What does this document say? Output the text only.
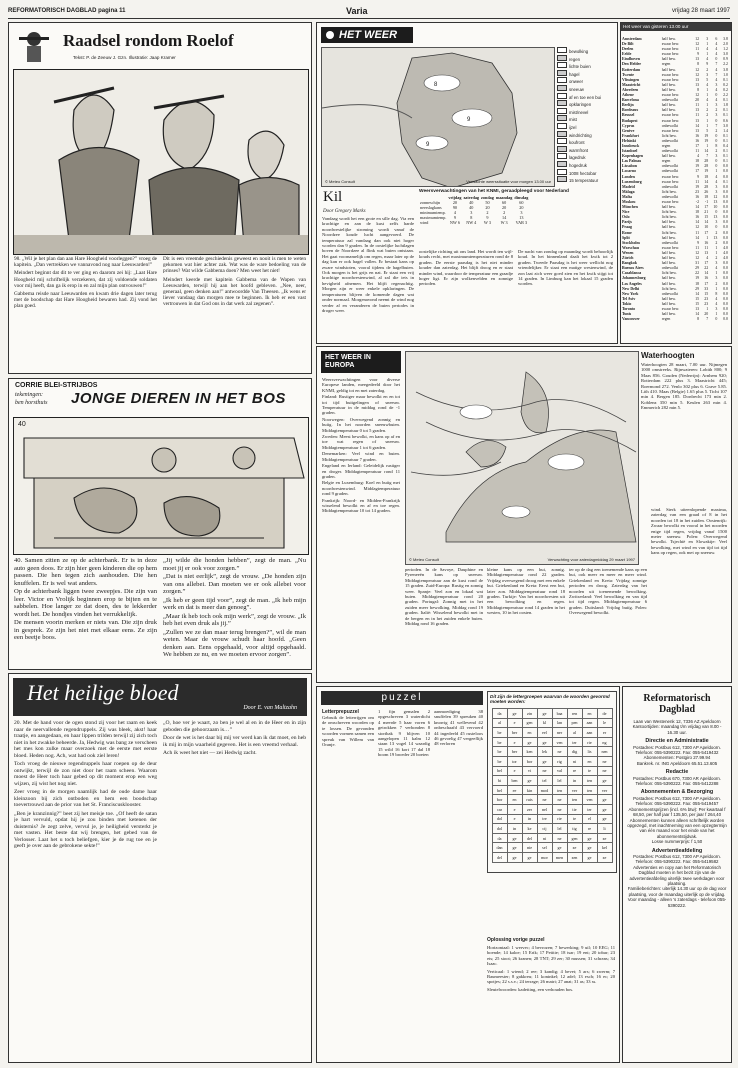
REFORMATORISCH DAGBLAD pagina 11	Varia	vrijdag 28 maart 1997
Raadsel rondom Roelof
Tekst: P. de Zeeuw J. Gzn. Illustratie: Jaap Kramer

98. „Wil je het plan dan aan Hare Hoogheid voorleggen?” vroeg de kapitein. „Dan vertrekken we vannavond nog naar Leeuwarden!”

Meindert beginnt dat dit te ver ging en daarom zei hij: „Laat Hare Hoogheid mij schriftelijk verzekeren, dat zij voldoende soldaten voor mij heeft, dan ga ik erop in en zal mijn plan ontvouwen!”

Gabbema reisde naar Leeuwarden en kwam drie dagen later terug met de boodschap dat Hare Hoogheid bewaren had. Zij vond het plan goed.

Dit is een vreemde geschiedenis geweest en nooit is men te weten gekomen wat hier achter zak. Wat was de ware bedoeling van de prinses? Wat wilde Gabbema doen? Men weet het niet!

Meindert keerde met kapitein Gabbema van de Wapen van Leeuwarden, terwijl hij aan het hoofd gebleven. „Nee, neer, generaal, geen denken aan!” antwoordde Van Theesen. „Ik wens er liever vandaag dan morgen mee te beginnen. Ik heb er een vast vertrouwen in dat God ons in dat werk zal zegenen”.

CORRIE BLEI-STRIJBOS
tekeningen:
ben horsthuis JONGE DIEREN IN HET BOS
40

40. Samen zitten ze op de achterbank. Er is in deze auto geen doos. Er zijn hier geen kinderen die op hem passen. Die hen tegen zich aanhouden. Die hen knuffelen. Er is wel wat anders.

Op de achterbank liggen twee zweepjes. Die zijn van leer. Victor en Vrolijk beginnen erop te bijten en te sabbelen. Hoe langer ze dat doen, des te lekkerder wordt het. De hondjes vinden het verrukkelijk.

De mensen voorin merken er niets van. Die zijn druk in gesprek. Ze zijn het niet met elkaar eens. Ze zijn een beetje boos.

„Jij wilde die honden hebben”, zegt de man. „Nu moet jij er ook voor zorgen.”

„Dat is niet eerlijk”, zegt de vrouw. „De honden zijn van ons allebei. Dan moeten we er ook allebei voor zorgen.”

„Ik heb er geen tijd voor”, zegt de man. „Ik heb mijn werk en dat is meer dan genoeg”.

„Maar ik heb toch ook mijn werk”, zegt de vrouw. „Ik heb het even druk als jij.”

„Zullen we ze dan maar terug brengen?”, wil de man weten. Maar de vrouw schudt haar hoofd. „Geen denken aan. Eens opgehaald, voor altijd opgehaald. We hebben ze nu, en we moeten ervoor zorgen”.

Het heilige bloed
Door E. van Maltzahn

20. Met de hand voor de ogen stond zij voor het raam en keek naar de neervallende regendruppels. Zij was bleek, akst! haar traatje, en aangedaan, en haar lippen trilden terwijl zij zich toch niet in het zwakke beheerde. Ja, Hedwig was bang ze verscheen het mes kon zulke maar overzoek met de eerste met eerste bloed. Heden nog. Ach, wat had ook ziel leren!

Toch vroeg de nieuwe regendruppels haar roepen op de deur ontwijkt, terwijl de zon niet door het raam scheen. Waarom moest de Heer toch haar gebed op dit moment erop een weg wijzen, zij wist het nog niet.

Zeer vroeg in de morgen naamlijk had de oude dame haar kleinzoon bij zich ontboden en hem een boodschap toevertrouwd aan de prior van het St. Franciscusklooster.

„Ben je kranzinnig?” beet zij het meisje toe. „Of heeft de satan je hart vervuld, opdat hij je zou binden met ketenen der duisternis? Je zegt zelve, vervul je, je heiligheid versterkt je met vasten. Het beste dat wij brengen, het gebed van de Verlosser. Laat het u toch beliefgen, kier je de rug toe en je geeft je over aan de gebrokene sekte!”

„O, hoe ver je waart, zo ben je wel al en in de Heer en in zijn geboden die gehoorzaam is…”

Door de wet is het daar bij mij ver werd kan ik dat moet, en heb ik mij in mijn waarheid gegeven. Het is een vreemd verhaal.

Ach ik weet het niet — zei Hedwig zacht.

HET WEER
8
9
9
© Meteo Consult	Verwachte weerssituatie voor morgen 13.00 uur
bewolking
regen
lichte buien
hagel
onweer
sneeuw
af en toe een bui
opklaringen
mist/nevel
mist
ijzel
windrichting
koufront
warmfront
lagedruk
hogedruk
1008 hectobar
15 temperatuur
Kil
Door Gregory Marks
Vandaag wordt het een grote en sille dag. Via een krachtige en aan de kust zelfs harde noordwestelijke stroming wordt vanaf de Noordzee koude lucht aangevoerd. De temperatuur zal vandaag dan ook niet hoger worden dan 9 graden. In de oostelijke luchtlagen boven de Noordzee al flink wat buien ontstaan. Het gaat voornamelijk om regen, maar later op de dag kan er ook hagel vallen. Er bestaat kans op zware windstoten, vooral tijdens de hagelbuien. Ook morgen is het grijs en nat. Er staat een vrij krachtige noordwestenwind, al zal die iets in hevigheid afnemen. Het blijft regenachtig. Morgen zijn er weer enkele opklaringen. De temperaturen blijven de komende dagen wat onder normaal. Morgenavond neemt de wind nog verder af en veranderen de buien periodes in droger weer.
Weersverwachtingen van het KNMI, geraadpleegd voor Nederland
	vrijdag	zaterdag	zondag	maandag	dinsdag
zonneschijn	20	40	50	60	60
neerslagkans	90	40	20	20	20
minimumtemp.	4	3	2	2	3
maximumtemp.	9	8	9	14	13
wind	NW 6	NW 4	W 3	W 3	VAR 3
oostelijke richting uit ons land. Het wordt ten wijl-kouds recht, met maximumtemperaturen rond de 8 graden. De eerste paasdag is het niet minder kouder dan zaterdag. Het blijft droog en er staat minder wind, waardoor de temperatuur een graadje hoger ligt. Er zijn wolkenvelden en zonnige perioden.
De nacht van zondag op maandag wordt behoorlijk koud. In het binnenland daalt het kwik tot 2 graden. Tweede Paasdag is het weer wellicht nog vriendelijker. Er staat een matige westenwind, de zon laat zich weer goed zien en het kwik stijgt tot 14 graden. In Limburg kan het lokaal 15 graden worden.
Het weer van gisteren 13.00 uur
Amsterdam	half bew.	12	3	6	3.8
De Bilt	zwaar bew.	12	1	4	2.0
Deelen	zwaar bew.	11	4	4	1.2
Eelde	zwaar bew.	9	1	4	3.0
Eindhoven	half bew.	13	4	0	0.9
Den Helder	regen	8	9	7	2.2
Rotterdam	half bew.	12	2	4	3.8
Twente	zwaar bew.	12	3	7	1.0
Vlissingen	zwaar bew.	13	5	4	0.1
Maastricht	half bew.	13	4	3	0.2
Aberdeen	half bew.	8	1	4	0.2
Athene	zwaar bew.	12	1	0	2.2
Barcelona	onbewolkt	20	4	4	0.1
Berlijn	half bew.	11	1	3	1.8
Bordeaux	half bew.	13	2	2	0.1
Brussel	zwaar bew.	11	2	3	0.1
Budapest	zwaar bew.	13	1	0	0.6
Cyprus	onbewolkt	14	1	7	3.0
Genève	zwaar bew.	13	5	2	1.4
Frankfurt	licht bew.	16	19	0	0.1
Helsinki	onbewolkt	16	19	0	0.1
Innsbruck	regen	17	1	8	0.4
Istanboel	onbewolkt	11	14	2	0.1
Kopenhagen	half bew.	4	7	3	0.1
Las Palmas	regen	18	28	0	0.1
Lissabon	onbewolkt	19	28	0	0.0
Locarno	onbewolkt	17	19	1	0.0
Londen	zwaar bew.	9	18	4	0.0
Luxemburg	zwaar bew.	11	14	4	0.1
Madrid	onbewolkt	19	28	3	0.0
Málaga	licht bew.	23	26	3	0.0
Malta	onbewolkt	16	18	12	0.0
Moskou	zwaar bew.	-2	-1	13	0.0
München	half bew.	14	17	10	0.0
Nice	licht bew.	18	21	0	0.0
Oslo	licht bew.	16	15	13	0.0
Parijs	half bew.	14	14	3	0.0
Praag	half bew.	12	10	0	0.0
Rome	licht bew.	11	17	2	0.0
Split	half bew.	14	1	13	0.0
Stockholm	onbewolkt	9	16	2	0.0
Warschau	zwaar bew.	11	11	1	4.0
Wenen	half bew.	12	13	1	4.0
Zürich	half bew.	12	4	2	4.0
Bangkok	half bew.	31	17	3	0.0
Buenos Aires	onbewolkt	29	22	4	0.0
Casablanca	licht bew.	22	14	1	0.0
Johannesburg	half bew.	19	16	3	0.0
Los Angeles	half bew.	18	17	2	0.0
New Delhi	licht bew.	29	33	1	0.0
New York	onbewolkt	14	15	8	0.0
Tel Aviv	half bew.	15	23	4	0.0
Tokio	half bew.	15	23	4	0.0
Toronto	zwaar bew.	13	1	3	0.0
Tunis	half bew.	14	20	1	0.0
Vancouver	regen	8	7	0	0.0
HET WEER IN EUROPA

Weersverwachtingen voor diverse Europese landen, meegedeeld door het KNMI, geldig tot en met zaterdag.

Finland: Rustiger maar bewolkt en en tot tot tijd buitgelingen of sneeuw. Temperatuur in de middag rond de -1 graden.

Noorwegen: Overwegend zonnig en buiig. In het noorden sneeuwbuien. Middagtemperatuur 0 tot 5 graden.

Zweden: Meest bewolkt, en kans op af en toe wat regen of sneeuw. Middagtemperatuur 1 tot 6 graden.

Denemarken: Veel wind en buien. Middagtemperatuur 7 graden.

Engeland en Ierland: Geleidelijk rustiger en droger. Middagtemperatuur rond 11 graden.

Belgie en Luxemburg: Koel en buiig met noordwestenwind. Middagtemperatuur rond 9 graden.

Frankrijk: Noord- en Midden-Frankrijk wisselend bewolkt en af en toe regen. Middagtemperatuur 10 tot 14 graden.

© Meteo Consult	Verwachting voor zaterdagmiddag 29 maart 1997
Waterhoogten
Waterhoogten 28 maart, 7.00 uur. Nijmegen 1000 omstreeks. Rijnwateren: Lobith 800; 9 Maas 856. Gouden (Nederrijn): Arnhem 920; Rotterdam 222 plus 3. Maastricht 445; Roermond 272. Venlo 302 plus 6. Grave 5.85. Lith 410. Maas (Belgie) 1.65 plus 5. Ticht 107 min 4. Bergen 185. Dordrecht 173 min 2. Koblenz 350 min 5. Keulen 263 min 4. Emmerich 282 min 5.
perioden. In de Savoye, Dauphine en Pyreneeën kans op sneeuw. Middagtemperatuur aan de kust rond de 15 graden. Zuid-Europa: Rustig en zonnig weer. Spanje: Veel zon en lokaal wat buien. Middagtemperatuur rond 20 graden. Portugal: Zonnig met in het zuiden meer bewolking. Middag rond 19 graden. Italië: Wisselend bewolkt met in de bergen en in het zuiden enkele buien. Middag rond 16 graden.
kleine kans op een bui, zonnig. Middagtemperatuur rond 22 graden. Vrijdag overwegend droog met een enkele bui. Griekenland en Kreta: Eerst een bui, later zon. Middagtemperatuur rond 18 graden. Turkije: Van het noordwesten uit een bewolking en regen. Middagtemperatuur rond 14 graden in het westen, 10 in het oosten.
ter op de dag een toenemende kans op een bui, ook meer en meer en meer wind. Griekenland en Kreta: Vrijdag zonnige perioden en droog. Zaterdag van het noorden uit toenemende bewolking. Zwitserland: Veel bewolking en van tijd tot tijd regen. Middagtemperatuur 6 graden. Duitsland: Vrijdag buiïg. Polen: Overwegend bewolkt.
wind. Sterk uiteenlopende maxima, zaterdag van een graad of 8 in het noorden tot 18 in het zuiden. Oostenrijk: Zwaar bewolkt en vooral in het noorden enige tijd regen, vrijdag vanaf 1500 meter sneeuw. Polen: Overwegend bewolkt. Tsjechië en Slowakije: Veel bewolking, met wind en van tijd tot tijd kans op regen, ook met op sneeuw.
puzzel
Letterprepuzzel
Gebruik de letterrijgen om de omschreven woorden op te lossen. De gevonden woorden vormen samen een spreuk van Willem van Oranje.
1 fijn gemalen 2 opgeschreven 3 waterdicht 4 meerde 5 haar voren 6 getrokken 7 verbonden 8 stortbak 9 blijven 10 aangelopen 11 kalm 12 staan 13 vogel 14 waardig 15 wild 16 kort 17 dal 18 boom 19 broeder 20 boeien
aanmoediging 38 snuffelen 39 spreuken 40 knorrig 41 wellevend 42 onbeschaafd 43 vervoerd 44 ingedeeld 45 rusteloos 46 gevoelig 47 vergeeflijk 48 verloren
Dit zijn de lettergroepen waarvan de woorden gevormd moeten worden:
da	ge	zin	ge	baa	ren	en	de
al	e	gen	kl	lan	pen	aan	le
be	ber	en	eel	ner	al	aan	er
be	e	ge	ge	ven	ter	rie	ng
be	ber	ken	lek	ne	dig	lis	nen
be	tor	bor	ge	rig	ni	en	ne
bel	e	vi	ne	val	re	te	ne
bi	ben	ge	tel	lel	in	ten	ge
bel	ee	kin	mod	ten	ver	ten	ver
bor	en	ruis	ne	ne	ten	ven	ge
car	e	zer	nel	ne	tie	ter	ge
dol	e	in	tre	rie	te	el	ge
dol	in	ke	cij	lel	tig	re	li
da	ge	del	ni	ne	gen	ge	ze
dan	ge	nie	sel	ge	ze	ge	kel
del	ge	ge	mor	men	zen	ge	ze
Oplossing vorige puzzel

Horizontaal: 1 wervec; 4 bevrozen; 7 bewerking; 9 uil; 10 EEG; 11 boende; 14 kaloe; 15 Erik; 17 Petitie; 18 tsar; 19 ent; 20 tobar; 23 ets; 25 stoot; 26 kranen; 28 TNT; 29 zer; 30 mussen; 31 schrans; 34 Isaac.

Verticaal: 1 wiend; 2 ree; 3 kandig; 4 bevet; 5 ars; 6 zwerm; 7 Baumeester; 8 gakkreu; 11 koninkel; 12 adel; 13 esch; 16 ec; 20 spotjes; 22 s.s.v.; 24 terrage; 26 matri; 27 anat; 31 as; 33 ss.

Sleutelwoorden: kadetting, een verhouden bos.

Reformatorisch Dagblad
Laan van Westenenk 12, 7336 AZ Apeldoorn
Kantoortijden: maandag t/m vrijdag van 8.00 - 16.30 uur.
Directie en Administratie
Postadres: Postbus 612, 7300 AP Apeldoorn. Telefoon: 055-5390222. Fax: 055-5419432
Abonnementen: Postgiro 27.99.94
Bankrek. nr. ING Apeldoorn 65.51.13.605
Redactie
Postadres: Postbus 670, 7300 AR Apeldoorn. Telefoon: 055-5390222. Fax: 055-5412288
Abonnementen & Bezorging
Postadres: Postbus 612, 7300 AP Apeldoorn. Telefoon: 055-5390222. Fax: 055-5419457
Abonnementsprijzen (incl. 6% btw): Per kwartaal f 68,50, per half jaar f 135,50, per jaar f 264,40
Abonnementen kunnen alleen schriftelijk worden opgezegd, met inachtneming van een opzegtermijn van één maand voor het einde van het abonnementstijdvak.
Losse nummerprijs: f 1,50
Advertentieafdeling
Postadres: Postbus 612, 7300 AP Apeldoorn. Telefoon: 055-5390222. Fax: 055-5419582
Advertenties en copy aan het Reformatorisch Dagblad moeten in het bezit zijn van de advertentieafdeling uiterlijk twee werkdagen voor plaatsing.
Familieberichten: uiterlijk 14.30 uur op de dag voor plaatsing, voor de maandag uiterlijk op de vrijdag. Voor maandag - alleen 's zaterdags - telefoon 055-5390222.
